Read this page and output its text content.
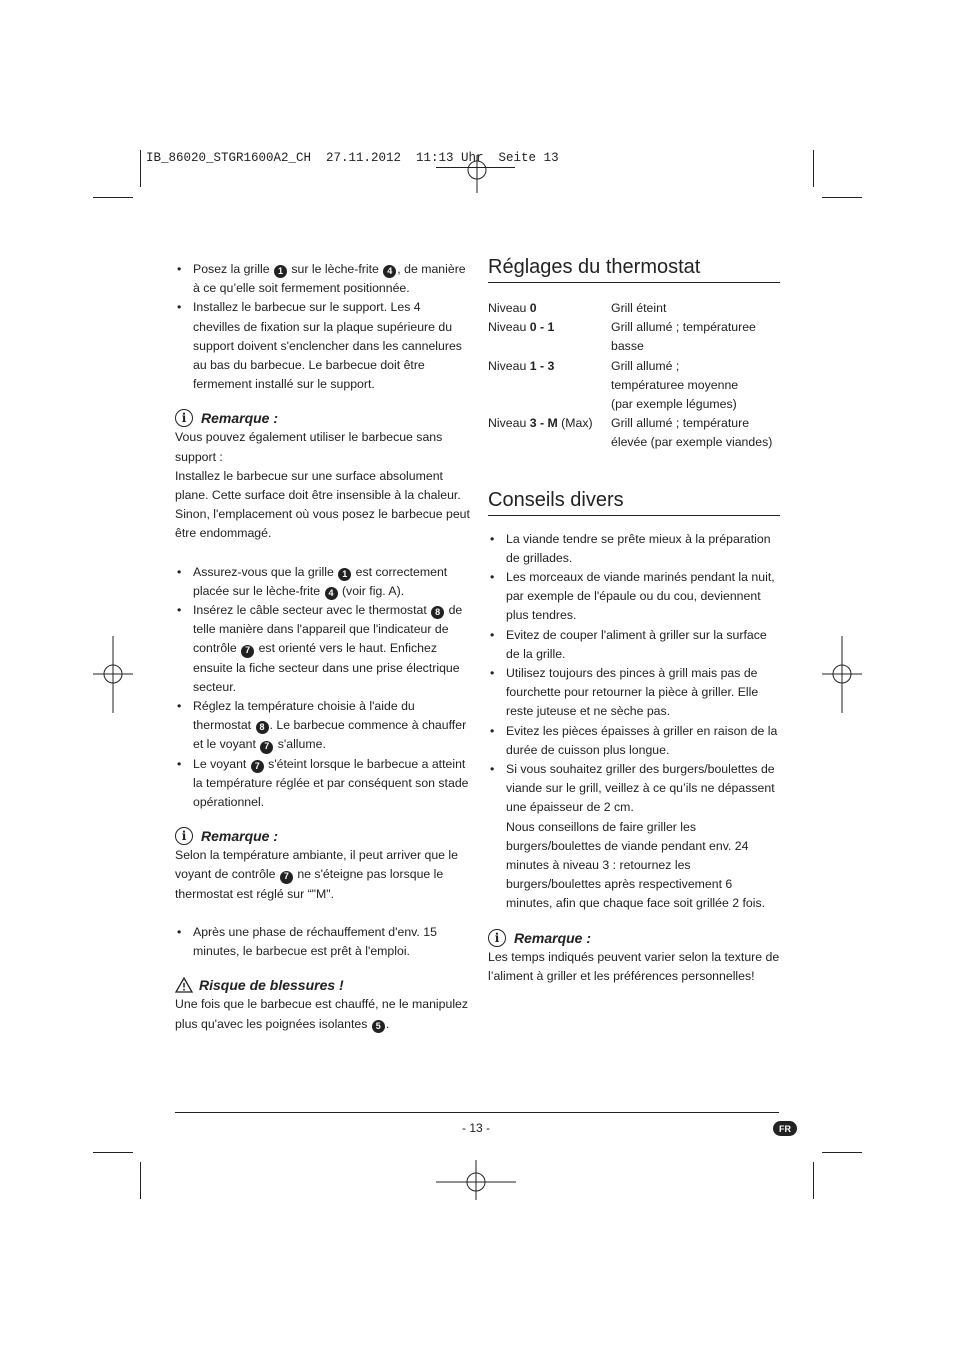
IB_86020_STGR1600A2_CH  27.11.2012  11:13 Uhr  Seite 13
• Posez la grille 1 sur le lèche-frite 4 , de manière à ce qu’elle soit fermement positionnée.
• Installez le barbecue sur le support. Les 4 chevilles de fixation sur la plaque supérieure du support doivent s'enclencher dans les cannelures au bas du barbecue. Le barbecue doit être fermement installé sur le support.
i	Remarque :

Vous pouvez également utiliser le barbecue sans support :
Installez le barbecue sur une surface absolument plane. Cette surface doit être insensible à la chaleur. Sinon, l'emplacement où vous posez le barbecue peut être endommagé.

• Assurez-vous que la grille 1 est correctement placée sur le lèche-frite 4 (voir fig. A).
• Insérez le câble secteur avec le thermostat 8 de telle manière dans l'appareil que l'indicateur de contrôle 7 est orienté vers le haut. Enfichez ensuite la fiche secteur dans une prise électrique secteur.
• Réglez la température choisie à l'aide du thermostat 8 . Le barbecue commence à chauffer et le voyant 7 s'allume.
• Le voyant 7 s'éteint lorsque le barbecue a atteint la température réglée et par conséquent son stade opérationnel.
i	Remarque :

Selon la température ambiante, il peut arriver que le voyant de contrôle 7 ne s'éteigne pas lorsque le thermostat est réglé sur “"M".

• Après une phase de réchauffement d'env. 15 minutes, le barbecue est prêt à l'emploi.
Risque de blessures !

Une fois que le barbecue est chauffé, ne le manipulez plus qu'avec les poignées isolantes 5 .

Réglages du thermostat
Niveau 0	Grill éteint
Niveau 0 - 1	Grill allumé ; températuree basse
Niveau 1 - 3	Grill allumé ;
températuree moyenne
(par exemple légumes)
Niveau 3 - M (Max)	Grill allumé ; température élevée (par exemple viandes)
Conseils divers
• La viande tendre se prête mieux à la préparation de grillades.
• Les morceaux de viande marinés pendant la nuit, par exemple de l'épaule ou du cou, deviennent plus tendres.
• Evitez de couper l'aliment à griller sur la surface de la grille.
• Utilisez toujours des pinces à grill mais pas de fourchette pour retourner la pièce à griller. Elle reste juteuse et ne sèche pas.
• Evitez les pièces épaisses à griller en raison de la durée de cuisson plus longue.
• Si vous souhaitez griller des burgers/boulettes de viande sur le grill, veillez à ce qu’ils ne dépassent une épaisseur de 2 cm.
Nous conseillons de faire griller les burgers/boulettes de viande pendant env. 24 minutes à niveau 3 : retournez les burgers/boulettes après respectivement 6 minutes, afin que chaque face soit grillée 2 fois.
i	Remarque :

Les temps indiqués peuvent varier selon la texture de l’aliment à griller et les préférences personnelles!

- 13 -	FR
